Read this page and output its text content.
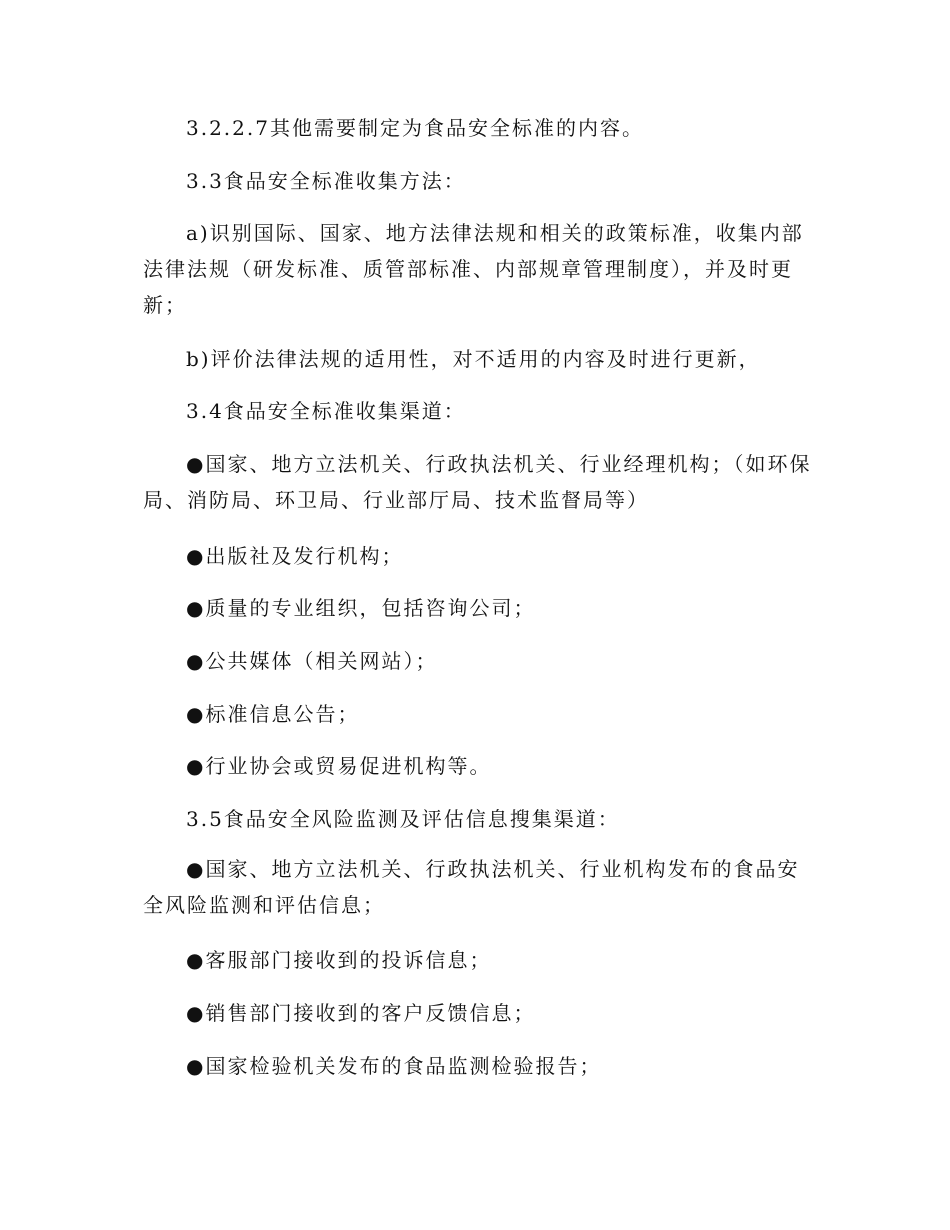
3.2.2.7其他需要制定为食品安全标准的内容。

3.3食品安全标准收集方法：

a)识别国际、国家、地方法律法规和相关的政策标准，收集内部法律法规（研发标准、质管部标准、内部规章管理制度），并及时更新；

b)评价法律法规的适用性，对不适用的内容及时进行更新，

3.4食品安全标准收集渠道：

●国家、地方立法机关、行政执法机关、行业经理机构；（如环保局、消防局、环卫局、行业部厅局、技术监督局等）

●出版社及发行机构；

●质量的专业组织，包括咨询公司；

●公共媒体（相关网站）；

●标准信息公告；

●行业协会或贸易促进机构等。

3.5食品安全风险监测及评估信息搜集渠道：

●国家、地方立法机关、行政执法机关、行业机构发布的食品安全风险监测和评估信息；

●客服部门接收到的投诉信息；

●销售部门接收到的客户反馈信息；

●国家检验机关发布的食品监测检验报告；
